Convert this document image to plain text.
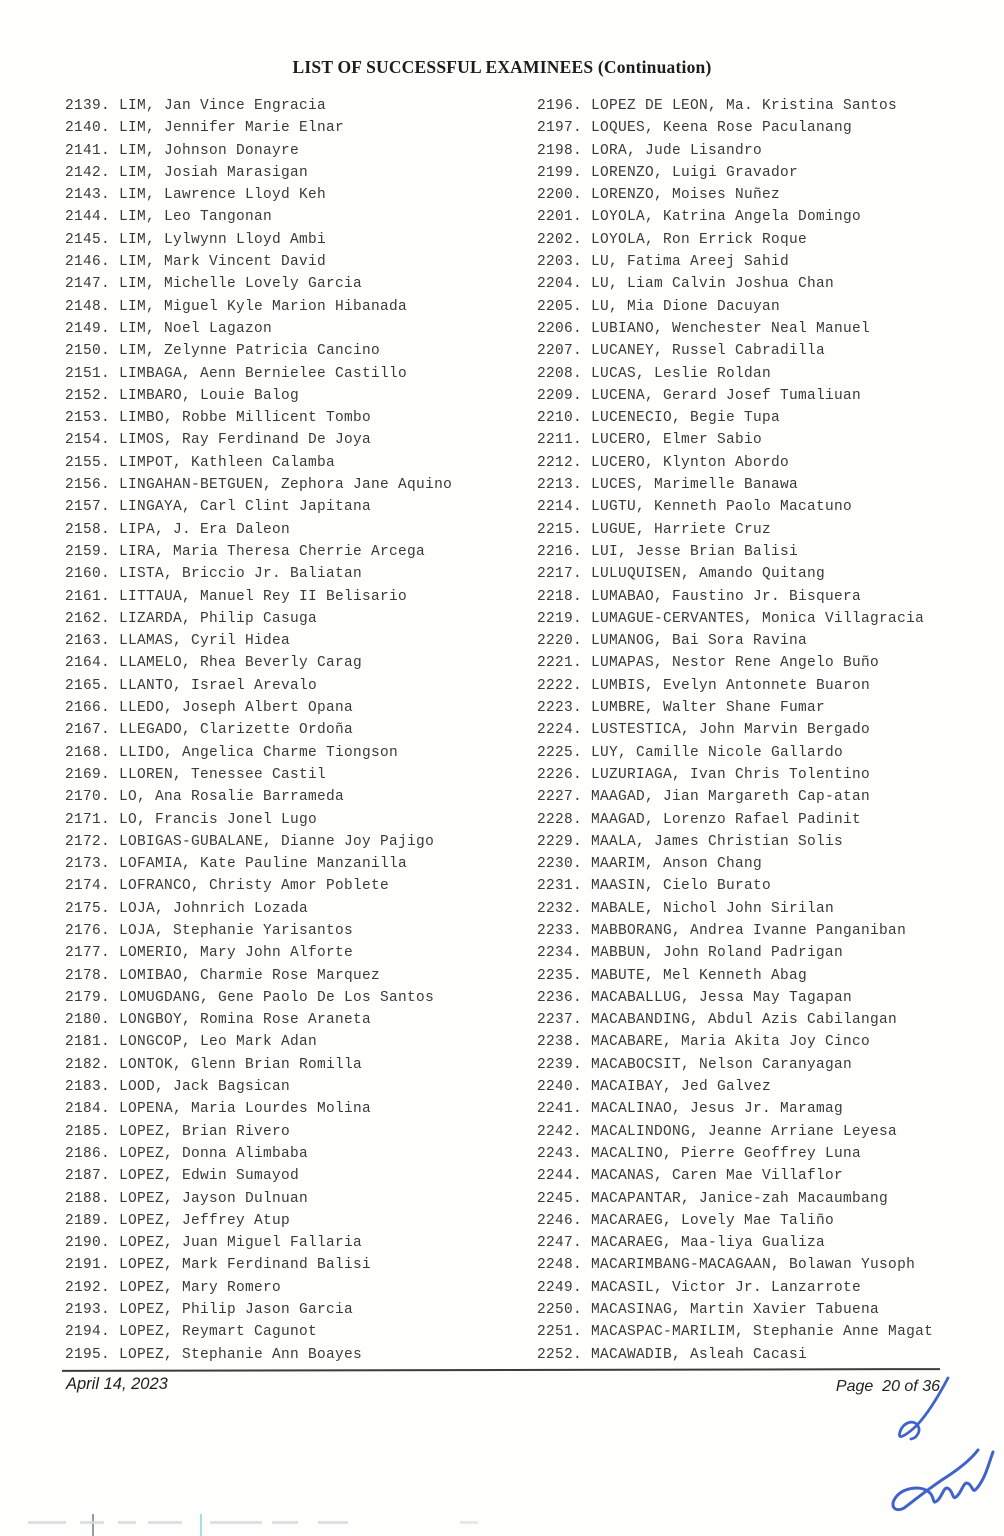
LIST OF SUCCESSFUL EXAMINEES (Continuation)
2139. LIM, Jan Vince Engracia
2140. LIM, Jennifer Marie Elnar
2141. LIM, Johnson Donayre
2142. LIM, Josiah Marasigan
2143. LIM, Lawrence Lloyd Keh
2144. LIM, Leo Tangonan
2145. LIM, Lylwynn Lloyd Ambi
2146. LIM, Mark Vincent David
2147. LIM, Michelle Lovely Garcia
2148. LIM, Miguel Kyle Marion Hibanada
2149. LIM, Noel Lagazon
2150. LIM, Zelynne Patricia Cancino
2151. LIMBAGA, Aenn Bernielee Castillo
2152. LIMBARO, Louie Balog
2153. LIMBO, Robbe Millicent Tombo
2154. LIMOS, Ray Ferdinand De Joya
2155. LIMPOT, Kathleen Calamba
2156. LINGAHAN-BETGUEN, Zephora Jane Aquino
2157. LINGAYA, Carl Clint Japitana
2158. LIPA, J. Era Daleon
2159. LIRA, Maria Theresa Cherrie Arcega
2160. LISTA, Briccio Jr. Baliatan
2161. LITTAUA, Manuel Rey II Belisario
2162. LIZARDA, Philip Casuga
2163. LLAMAS, Cyril Hidea
2164. LLAMELO, Rhea Beverly Carag
2165. LLANTO, Israel Arevalo
2166. LLEDO, Joseph Albert Opana
2167. LLEGADO, Clarizette Ordoña
2168. LLIDO, Angelica Charme Tiongson
2169. LLOREN, Tenessee Castil
2170. LO, Ana Rosalie Barrameda
2171. LO, Francis Jonel Lugo
2172. LOBIGAS-GUBALANE, Dianne Joy Pajigo
2173. LOFAMIA, Kate Pauline Manzanilla
2174. LOFRANCO, Christy Amor Poblete
2175. LOJA, Johnrich Lozada
2176. LOJA, Stephanie Yarisantos
2177. LOMERIO, Mary John Alforte
2178. LOMIBAO, Charmie Rose Marquez
2179. LOMUGDANG, Gene Paolo De Los Santos
2180. LONGBOY, Romina Rose Araneta
2181. LONGCOP, Leo Mark Adan
2182. LONTOK, Glenn Brian Romilla
2183. LOOD, Jack Bagsican
2184. LOPENA, Maria Lourdes Molina
2185. LOPEZ, Brian Rivero
2186. LOPEZ, Donna Alimbaba
2187. LOPEZ, Edwin Sumayod
2188. LOPEZ, Jayson Dulnuan
2189. LOPEZ, Jeffrey Atup
2190. LOPEZ, Juan Miguel Fallaria
2191. LOPEZ, Mark Ferdinand Balisi
2192. LOPEZ, Mary Romero
2193. LOPEZ, Philip Jason Garcia
2194. LOPEZ, Reymart Cagunot
2195. LOPEZ, Stephanie Ann Boayes
2196. LOPEZ DE LEON, Ma. Kristina Santos
2197. LOQUES, Keena Rose Paculanang
2198. LORA, Jude Lisandro
2199. LORENZO, Luigi Gravador
2200. LORENZO, Moises Nuñez
2201. LOYOLA, Katrina Angela Domingo
2202. LOYOLA, Ron Errick Roque
2203. LU, Fatima Areej Sahid
2204. LU, Liam Calvin Joshua Chan
2205. LU, Mia Dione Dacuyan
2206. LUBIANO, Wenchester Neal Manuel
2207. LUCANEY, Russel Cabradilla
2208. LUCAS, Leslie Roldan
2209. LUCENA, Gerard Josef Tumaliuan
2210. LUCENECIO, Begie Tupa
2211. LUCERO, Elmer Sabio
2212. LUCERO, Klynton Abordo
2213. LUCES, Marimelle Banawa
2214. LUGTU, Kenneth Paolo Macatuno
2215. LUGUE, Harriete Cruz
2216. LUI, Jesse Brian Balisi
2217. LULUQUISEN, Amando Quitang
2218. LUMABAO, Faustino Jr. Bisquera
2219. LUMAGUE-CERVANTES, Monica Villagracia
2220. LUMANOG, Bai Sora Ravina
2221. LUMAPAS, Nestor Rene Angelo Buño
2222. LUMBIS, Evelyn Antonnete Buaron
2223. LUMBRE, Walter Shane Fumar
2224. LUSTESTICA, John Marvin Bergado
2225. LUY, Camille Nicole Gallardo
2226. LUZURIAGA, Ivan Chris Tolentino
2227. MAAGAD, Jian Margareth Cap-atan
2228. MAAGAD, Lorenzo Rafael Padinit
2229. MAALA, James Christian Solis
2230. MAARIM, Anson Chang
2231. MAASIN, Cielo Burato
2232. MABALE, Nichol John Sirilan
2233. MABBORANG, Andrea Ivanne Panganiban
2234. MABBUN, John Roland Padrigan
2235. MABUTE, Mel Kenneth Abag
2236. MACABALLUG, Jessa May Tagapan
2237. MACABANDING, Abdul Azis Cabilangan
2238. MACABARE, Maria Akita Joy Cinco
2239. MACABOCSIT, Nelson Caranyagan
2240. MACAIBAY, Jed Galvez
2241. MACALINAO, Jesus Jr. Maramag
2242. MACALINDONG, Jeanne Arriane Leyesa
2243. MACALINO, Pierre Geoffrey Luna
2244. MACANAS, Caren Mae Villaflor
2245. MACAPANTAR, Janice-zah Macaumbang
2246. MACARAEG, Lovely Mae Taliño
2247. MACARAEG, Maa-liya Gualiza
2248. MACARIMBANG-MACAGAAN, Bolawan Yusoph
2249. MACASIL, Victor Jr. Lanzarrote
2250. MACASINAG, Martin Xavier Tabuena
2251. MACASPAC-MARILIM, Stephanie Anne Magat
2252. MACAWADIB, Asleah Cacasi
April 14, 2023	Page  20 of 36
